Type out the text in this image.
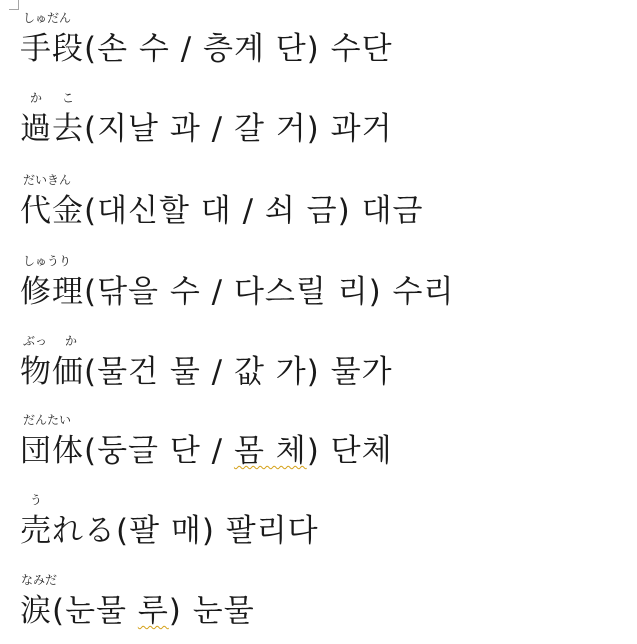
しゅだん
手段(손 수 / 층계 단) 수단
か こ
過去(지날 과 / 갈 거) 과거
だいきん
代金(대신할 대 / 쇠 금) 대금
しゅうり
修理(닦을 수 / 다스릴 리) 수리
ぶっ か
物価(물건 물 / 값 가) 물가
だんたい
団体(둥글 단 / 몸 체) 단체
う
売れる(팔 매) 팔리다
なみだ
涙(눈물 루) 눈물
